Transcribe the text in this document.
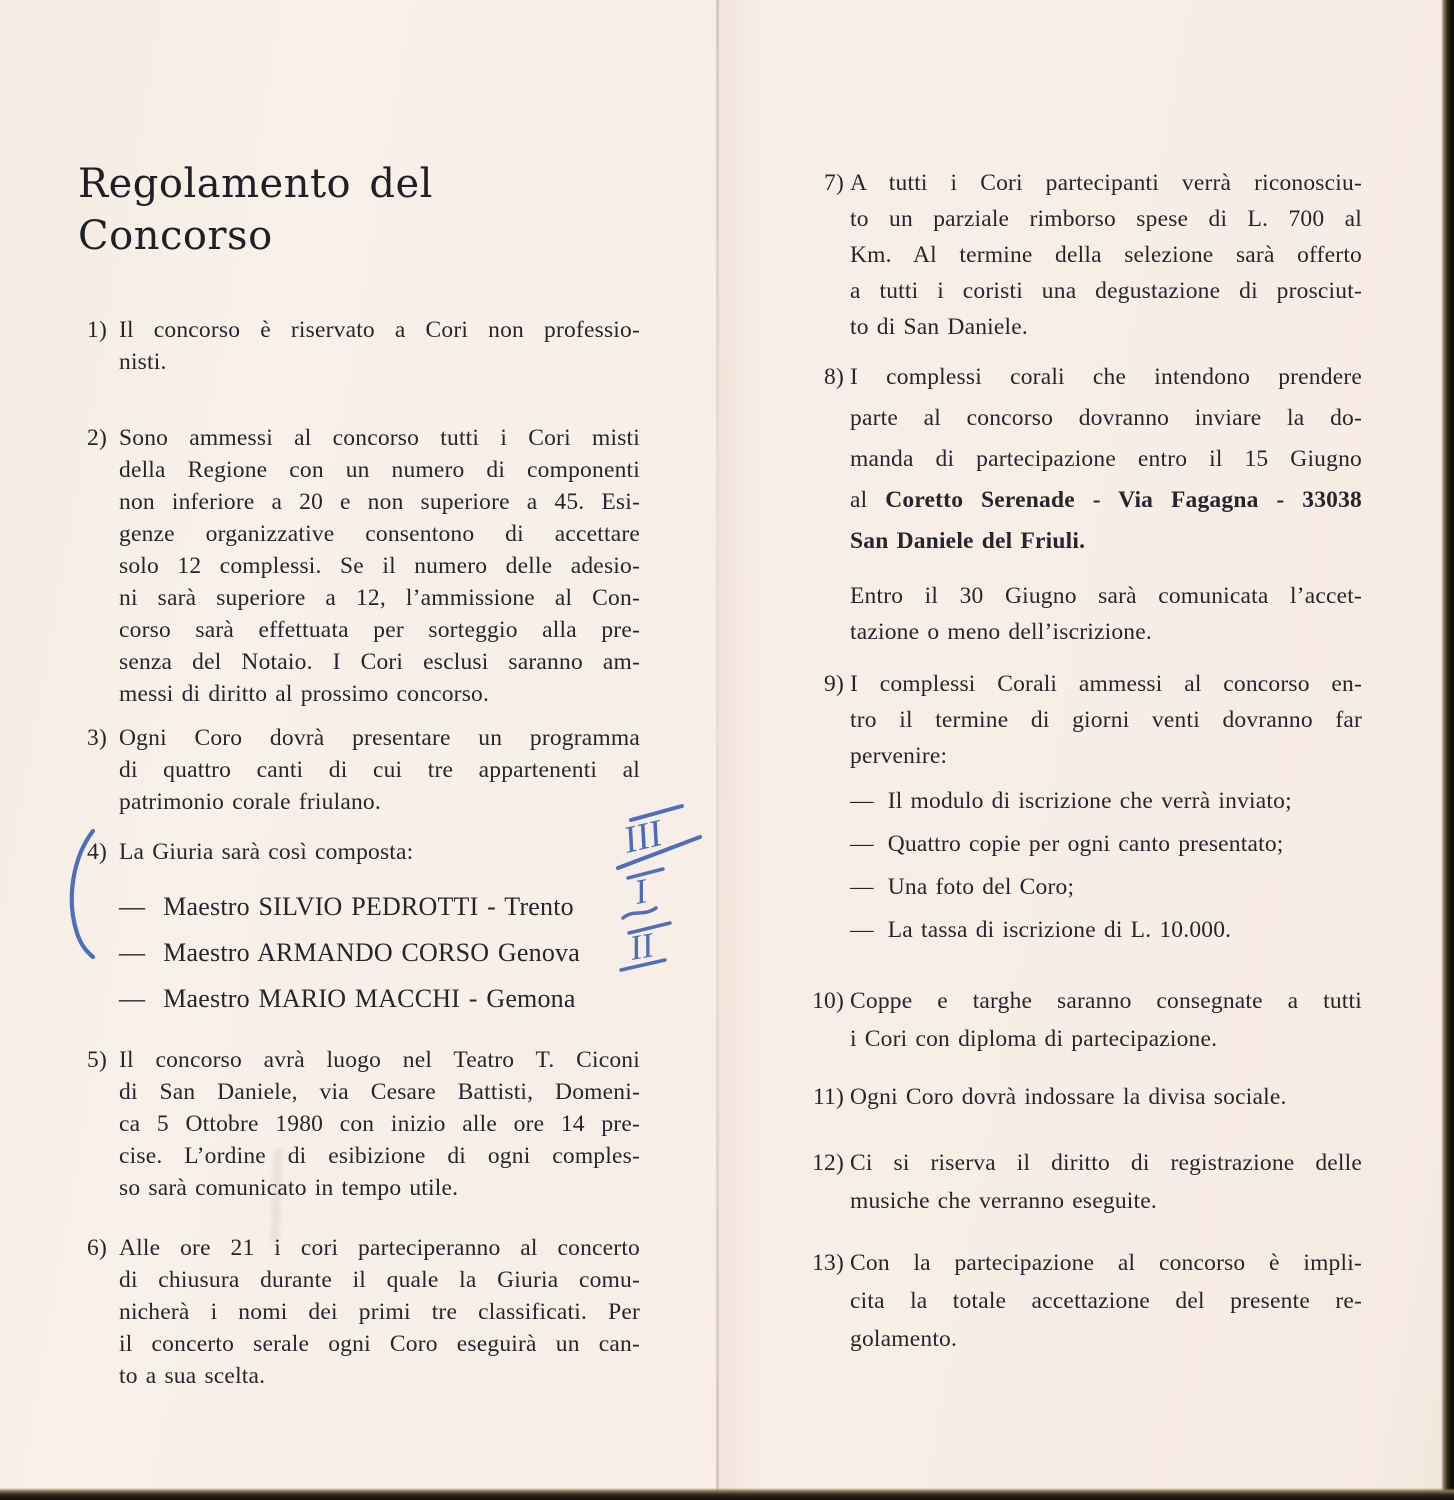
Regolamento del Concorso
1) Il concorso è riservato a Cori non professio-
nisti.
2) Sono ammessi al concorso tutti i Cori misti
della Regione con un numero di componenti
non inferiore a 20 e non superiore a 45. Esi-
genze organizzative consentono di accettare
solo 12 complessi. Se il numero delle adesio-
ni sarà superiore a 12, l’ammissione al Con-
corso sarà effettuata per sorteggio alla pre-
senza del Notaio. I Cori esclusi saranno am-
messi di diritto al prossimo concorso.
3) Ogni Coro dovrà presentare un programma
di quattro canti di cui tre appartenenti al
patrimonio corale friulano.
4) La Giuria sarà così composta:
— Maestro SILVIO PEDROTTI - Trento
— Maestro ARMANDO CORSO Genova
— Maestro MARIO MACCHI - Gemona
5) Il concorso avrà luogo nel Teatro T. Ciconi
di San Daniele, via Cesare Battisti, Domeni-
ca 5 Ottobre 1980 con inizio alle ore 14 pre-
cise. L’ordine di esibizione di ogni comples-
so sarà comunicato in tempo utile.
6) Alle ore 21 i cori parteciperanno al concerto
di chiusura durante il quale la Giuria comu-
nicherà i nomi dei primi tre classificati. Per
il concerto serale ogni Coro eseguirà un can-
to a sua scelta.
7) A tutti i Cori partecipanti verrà riconosciu-
to un parziale rimborso spese di L. 700 al
Km. Al termine della selezione sarà offerto
a tutti i coristi una degustazione di prosciut-
to di San Daniele.
8) I complessi corali che intendono prendere
parte al concorso dovranno inviare la do-
manda di partecipazione entro il 15 Giugno
al Coretto Serenade - Via Fagagna - 33038
San Daniele del Friuli.
Entro il 30 Giugno sarà comunicata l’accet-
tazione o meno dell’iscrizione.
9) I complessi Corali ammessi al concorso en-
tro il termine di giorni venti dovranno far
pervenire:
— Il modulo di iscrizione che verrà inviato;
— Quattro copie per ogni canto presentato;
— Una foto del Coro;
— La tassa di iscrizione di L. 10.000.
10) Coppe e targhe saranno consegnate a tutti
i Cori con diploma di partecipazione.
11) Ogni Coro dovrà indossare la divisa sociale.
12) Ci si riserva il diritto di registrazione delle
musiche che verranno eseguite.
13) Con la partecipazione al concorso è impli-
cita la totale accettazione del presente re-
golamento.
III
I
II
